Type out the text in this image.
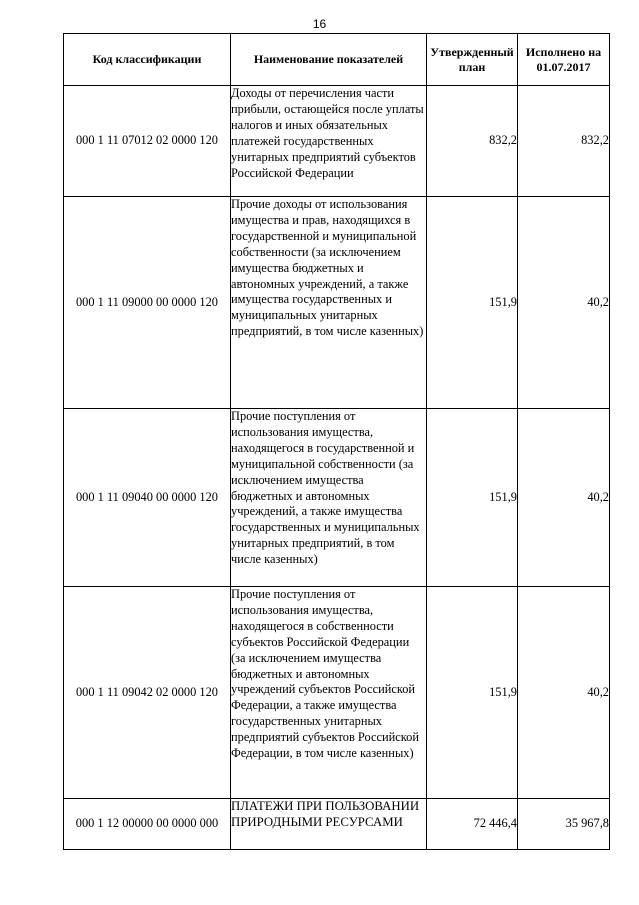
16
Код классификации	Наименование показателей	Утвержденный план	Исполнено на 01.07.2017
000 1 11 07012 02 0000 120	Доходы от перечисления части прибыли, остающейся после уплаты налогов и иных обязательных платежей государственных унитарных предприятий субъектов Российской Федерации	832,2	832,2
000 1 11 09000 00 0000 120	Прочие доходы от использования имущества и прав, находящихся в государственной и муниципальной собственности (за исключением имущества бюджетных и автономных учреждений, а также имущества государственных и муниципальных унитарных предприятий, в том числе казенных)	151,9	40,2
000 1 11 09040 00 0000 120	Прочие поступления от использования имущества, находящегося в государственной и муниципальной собственности (за исключением имущества бюджетных и автономных учреждений, а также имущества государственных и муниципальных унитарных предприятий, в том числе казенных)	151,9	40,2
000 1 11 09042 02 0000 120	Прочие поступления от использования имущества, находящегося в собственности субъектов Российской Федерации (за исключением имущества бюджетных и автономных учреждений субъектов Российской Федерации, а также имущества государственных унитарных предприятий субъектов Российской Федерации, в том числе казенных)	151,9	40,2
000 1 12 00000 00 0000 000	ПЛАТЕЖИ ПРИ ПОЛЬЗОВАНИИ ПРИРОДНЫМИ РЕСУРСАМИ	72 446,4	35 967,8
